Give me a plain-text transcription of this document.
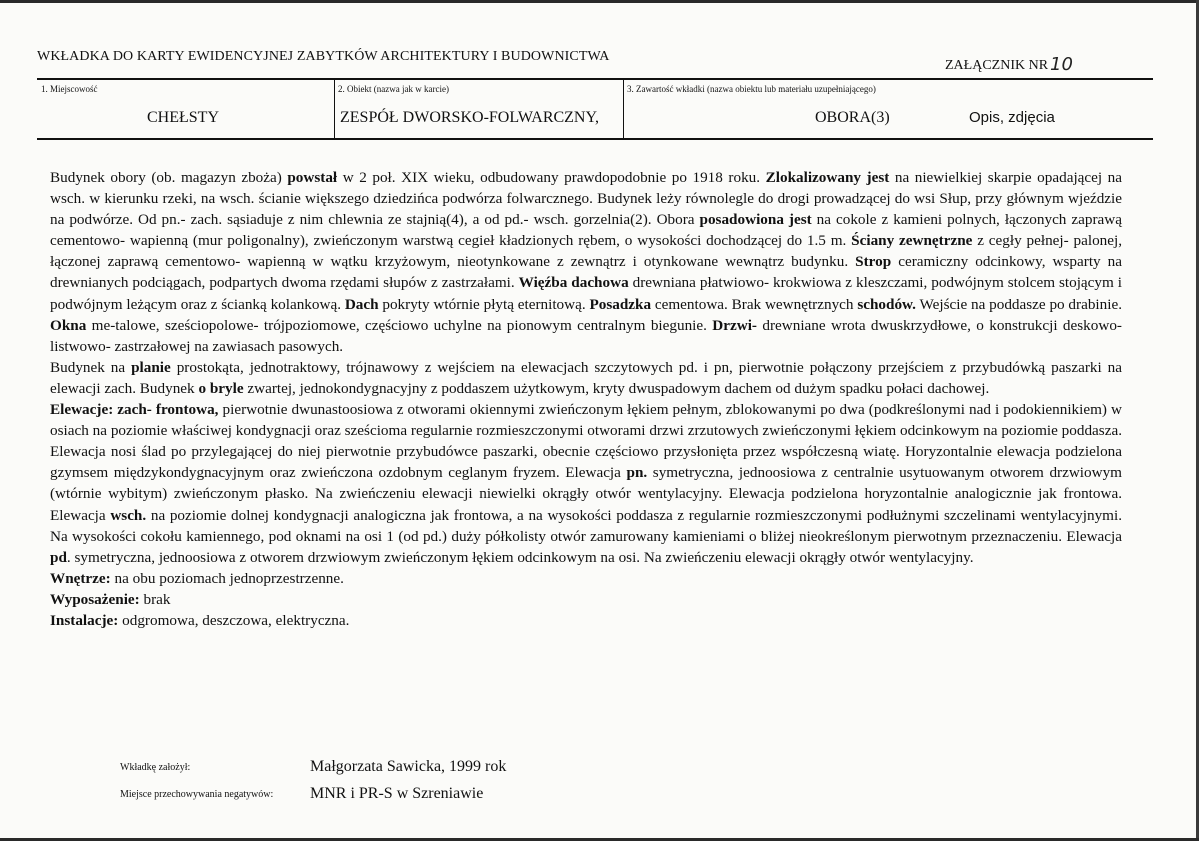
WKŁADKA DO KARTY EWIDENCYJNEJ ZABYTKÓW ARCHITEKTURY I BUDOWNICTWA
ZAŁĄCZNIK NR 10
1. Miejscowość
CHEŁSTY
2. Obiekt (nazwa jak w karcie)
ZESPÓŁ DWORSKO-FOLWARCZNY,
3. Zawartość wkładki (nazwa obiektu lub materiału uzupełniającego)
OBORA(3)	Opis, zdjęcia

Budynek obory (ob. magazyn zboża) powstał w 2 poł. XIX wieku, odbudowany prawdopodobnie po 1918 roku. Zlokalizowany jest na niewielkiej skarpie opadającej na wsch. w kierunku rzeki, na wsch. ścianie większego dziedzińca podwórza folwarcznego. Budynek leży równolegle do drogi prowadzącej do wsi Słup, przy głównym wjeździe na podwórze. Od pn.- zach. sąsiaduje z nim chlewnia ze stajnią(4), a od pd.- wsch. gorzelnia(2). Obora posadowiona jest na cokole z kamieni polnych, łączonych zaprawą cementowo- wapienną (mur poligonalny), zwieńczonym warstwą cegieł kładzionych rębem, o wysokości dochodzącej do 1.5 m. Ściany zewnętrzne z cegły pełnej- palonej, łączonej zaprawą cementowo- wapienną w wątku krzyżowym, nieotynkowane z zewnątrz i otynkowane wewnątrz budynku. Strop ceramiczny odcinkowy, wsparty na drewnianych podciągach, podpartych dwoma rzędami słupów z zastrzałami. Więźba dachowa drewniana płatwiowo- krokwiowa z kleszczami, podwójnym stolcem stojącym i podwójnym leżącym oraz z ścianką kolankową. Dach pokryty wtórnie płytą eternitową. Posadzka cementowa. Brak wewnętrznych schodów. Wejście na poddasze po drabinie. Okna me-talowe, sześciopolowe- trójpoziomowe, częściowo uchylne na pionowym centralnym biegunie. Drzwi- drewniane wrota dwuskrzydłowe, o konstrukcji deskowo- listwowo- zastrzałowej na zawiasach pasowych.

Budynek na planie prostokąta, jednotraktowy, trójnawowy z wejściem na elewacjach szczytowych pd. i pn, pierwotnie połączony przejściem z przybudówką paszarki na elewacji zach. Budynek o bryle zwartej, jednokondygnacyjny z poddaszem użytkowym, kryty dwuspadowym dachem od dużym spadku połaci dachowej.

Elewacje: zach- frontowa, pierwotnie dwunastoosiowa z otworami okiennymi zwieńczonym łękiem pełnym, zblokowanymi po dwa (podkreślonymi nad i podokiennikiem) w osiach na poziomie właściwej kondygnacji oraz sześcioma regularnie rozmieszczonymi otworami drzwi zrzutowych zwieńczonymi łękiem odcinkowym na poziomie poddasza. Elewacja nosi ślad po przylegającej do niej pierwotnie przybudówce paszarki, obecnie częściowo przysłonięta przez współczesną wiatę. Horyzontalnie elewacja podzielona gzymsem międzykondygnacyjnym oraz zwieńczona ozdobnym ceglanym fryzem. Elewacja pn. symetryczna, jednoosiowa z centralnie usytuowanym otworem drzwiowym (wtórnie wybitym) zwieńczonym płasko. Na zwieńczeniu elewacji niewielki okrągły otwór wentylacyjny. Elewacja podzielona horyzontalnie analogicznie jak frontowa. Elewacja wsch. na poziomie dolnej kondygnacji analogiczna jak frontowa, a na wysokości poddasza z regularnie rozmieszczonymi podłużnymi szczelinami wentylacyjnymi. Na wysokości cokołu kamiennego, pod oknami na osi 1 (od pd.) duży półkolisty otwór zamurowany kamieniami o bliżej nieokreślonym pierwotnym przeznaczeniu. Elewacja pd. symetryczna, jednoosiowa z otworem drzwiowym zwieńczonym łękiem odcinkowym na osi. Na zwieńczeniu elewacji okrągły otwór wentylacyjny.

Wnętrze: na obu poziomach jednoprzestrzenne.

Wyposażenie: brak

Instalacje: odgromowa, deszczowa, elektryczna.

Wkładkę założył:	Małgorzata Sawicka, 1999 rok
Miejsce przechowywania negatywów: MNR i PR-S w Szreniawie
